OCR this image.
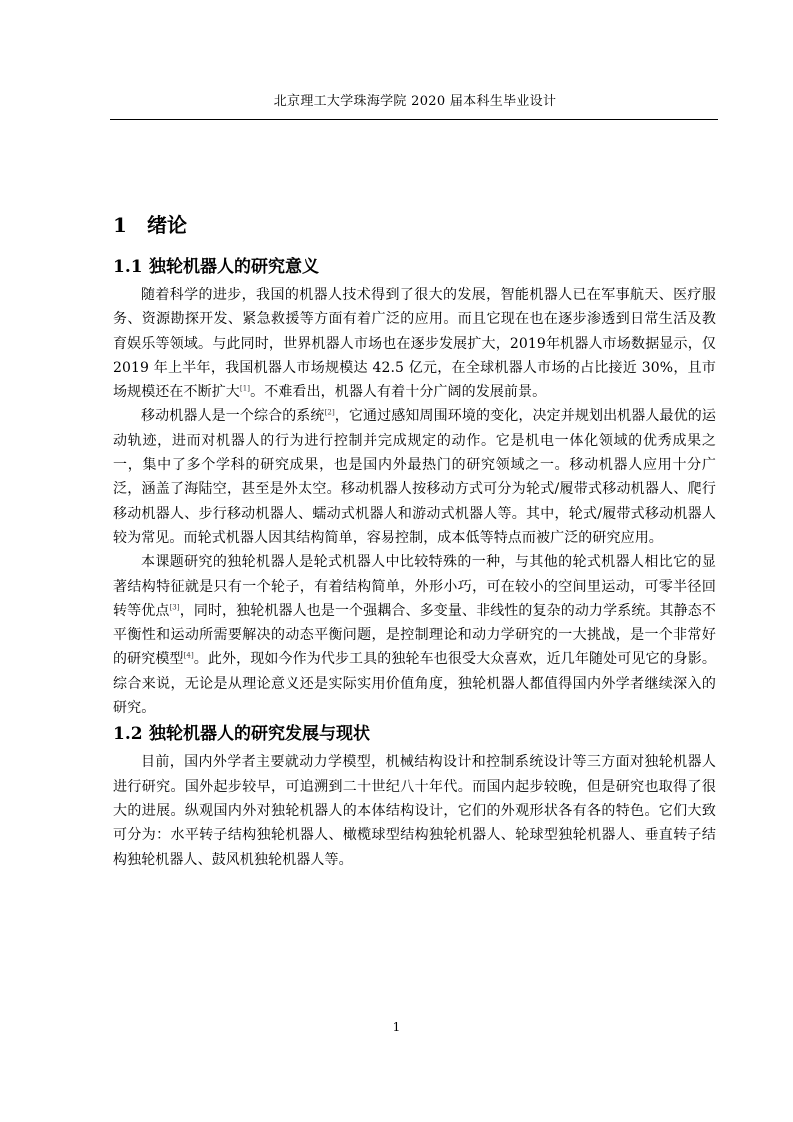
北京理工大学珠海学院 2020 届本科生毕业设计
1	绪论
1.1 独轮机器人的研究意义

随着科学的进步，我国的机器人技术得到了很大的发展，智能机器人已在军事航天、医疗服务、资源勘探开发、紧急救援等方面有着广泛的应用。而且它现在也在逐步渗透到日常生活及教育娱乐等领域。与此同时，世界机器人市场也在逐步发展扩大，2019年机器人市场数据显示，仅 2019 年上半年，我国机器人市场规模达 42.5 亿元，在全球机器人市场的占比接近 30%，且市场规模还在不断扩大[1]。不难看出，机器人有着十分广阔的发展前景。

移动机器人是一个综合的系统[2]，它通过感知周围环境的变化，决定并规划出机器人最优的运动轨迹，进而对机器人的行为进行控制并完成规定的动作。它是机电一体化领域的优秀成果之一，集中了多个学科的研究成果，也是国内外最热门的研究领域之一。移动机器人应用十分广泛，涵盖了海陆空，甚至是外太空。移动机器人按移动方式可分为轮式/履带式移动机器人、爬行移动机器人、步行移动机器人、蠕动式机器人和游动式机器人等。其中，轮式/履带式移动机器人较为常见。而轮式机器人因其结构简单，容易控制，成本低等特点而被广泛的研究应用。

本课题研究的独轮机器人是轮式机器人中比较特殊的一种，与其他的轮式机器人相比它的显著结构特征就是只有一个轮子，有着结构简单，外形小巧，可在较小的空间里运动，可零半径回转等优点[3]，同时，独轮机器人也是一个强耦合、多变量、非线性的复杂的动力学系统。其静态不平衡性和运动所需要解决的动态平衡问题，是控制理论和动力学研究的一大挑战，是一个非常好的研究模型[4]。此外，现如今作为代步工具的独轮车也很受大众喜欢，近几年随处可见它的身影。综合来说，无论是从理论意义还是实际实用价值角度，独轮机器人都值得国内外学者继续深入的研究。

1.2 独轮机器人的研究发展与现状

目前，国内外学者主要就动力学模型，机械结构设计和控制系统设计等三方面对独轮机器人进行研究。国外起步较早，可追溯到二十世纪八十年代。而国内起步较晚，但是研究也取得了很大的进展。纵观国内外对独轮机器人的本体结构设计，它们的外观形状各有各的特色。它们大致可分为：水平转子结构独轮机器人、橄榄球型结构独轮机器人、轮球型独轮机器人、垂直转子结构独轮机器人、鼓风机独轮机器人等。

1
